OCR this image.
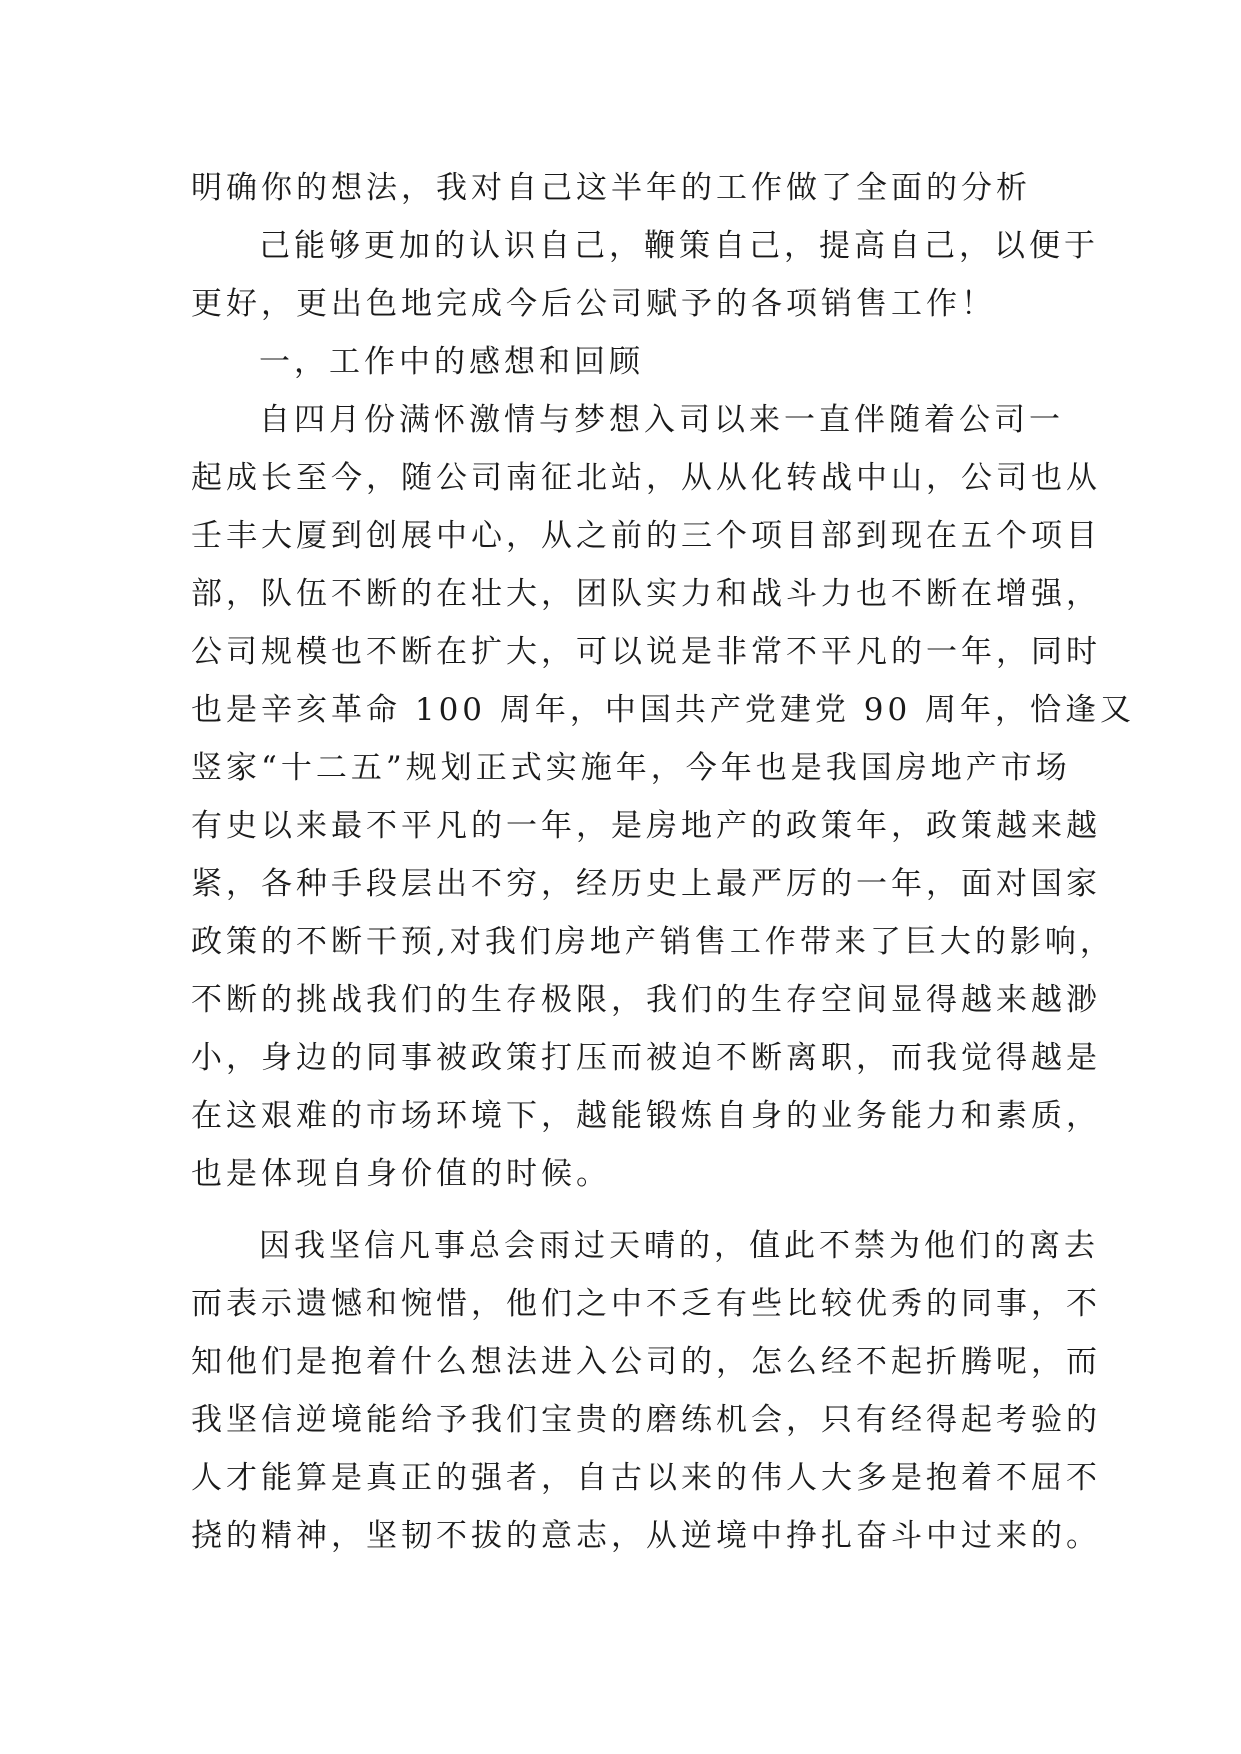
明确你的想法，我对自己这半年的工作做了全面的分析
己能够更加的认识自己，鞭策自己，提高自己，以便于
更好，更出色地完成今后公司赋予的各项销售工作！
一，工作中的感想和回顾
自四月份满怀激情与梦想入司以来一直伴随着公司一
起成长至今，随公司南征北站，从从化转战中山，公司也从
壬丰大厦到创展中心，从之前的三个项目部到现在五个项目
部，队伍不断的在壮大，团队实力和战斗力也不断在增强，
公司规模也不断在扩大，可以说是非常不平凡的一年，同时
也是辛亥革命 100 周年，中国共产党建党 90 周年，恰逢又
竖家“十二五”规划正式实施年，今年也是我国房地产市场
有史以来最不平凡的一年，是房地产的政策年，政策越来越
紧，各种手段层出不穷，经历史上最严厉的一年，面对国家
政策的不断干预,对我们房地产销售工作带来了巨大的影响，
不断的挑战我们的生存极限，我们的生存空间显得越来越渺
小，身边的同事被政策打压而被迫不断离职，而我觉得越是
在这艰难的市场环境下，越能锻炼自身的业务能力和素质，
也是体现自身价值的时候。
因我坚信凡事总会雨过天晴的，值此不禁为他们的离去
而表示遗憾和惋惜，他们之中不乏有些比较优秀的同事，不
知他们是抱着什么想法进入公司的，怎么经不起折腾呢，而
我坚信逆境能给予我们宝贵的磨练机会，只有经得起考验的
人才能算是真正的强者，自古以来的伟人大多是抱着不屈不
挠的精神，坚韧不拔的意志，从逆境中挣扎奋斗中过来的。
